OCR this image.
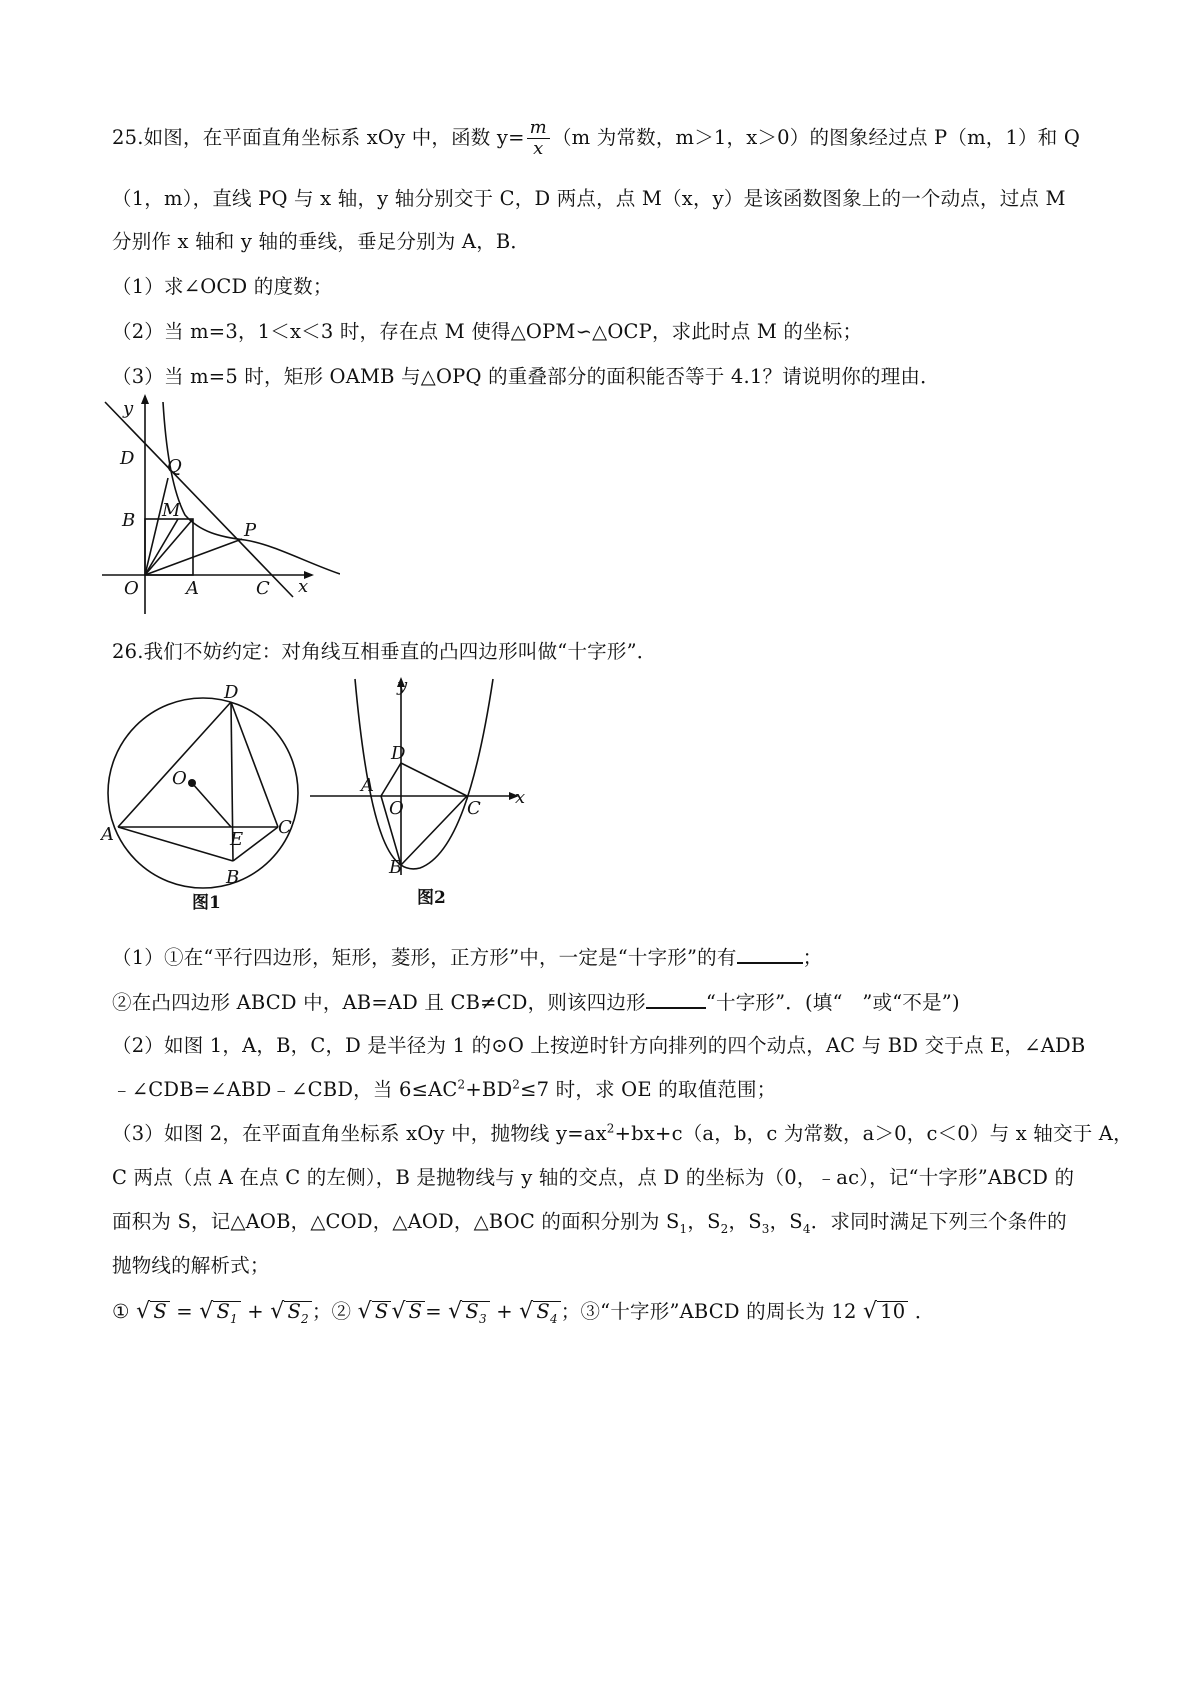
25.如图，在平面直角坐标系 xOy 中，函数 $y= \frac{m}{x} (m$ 为常数，m＞1，x＞0）的图象经过点 P（m，1）和 Q
（1，m），直线 PQ 与 x 轴，y 轴分别交于 C，D 两点，点 M（x，y）是该函数图象上的一个动点，过点 M
分别作 x 轴和 y 轴的垂线，垂足分别为 A，B．
（1）求∠OCD 的度数；
（2）当 m=3，1＜x＜3 时，存在点 M 使得△OPM∽△OCP，求此时点 M 的坐标；
（3）当 m=5 时，矩形 OAMB 与△OPQ 的重叠部分的面积能否等于 4.1？请说明你的理由．
y
x
D Q
B M
P
O	A	C
26.我们不妨约定：对角线互相垂直的凸四边形叫做“十字形”．
D
O
A	E
C
B
图1
y
x
D
A
O	C
B
图2
（1）①在“平行四边形，矩形，菱形，正方形”中，一定是“十字形”的有	；
②在凸四边形 ABCD 中，AB=AD 且 CB≠CD，则该四边形	“十字形”．(填“　”或“不是”)
（2）如图 1，A，B，C，D 是半径为 1 的⊙O 上按逆时针方向排列的四个动点，AC 与 BD 交于点 E，∠ADB
﹣∠CDB=∠ABD﹣∠CBD，当 $6\le AC^2+BD^2\le 7$ 时，求 OE 的取值范围；
（3）如图 2，在平面直角坐标系 xOy 中，抛物线 $y=ax^2+bx+c(a$，b，c 为常数，a＞0，c＜0）与 x 轴交于 A，
C 两点（点 A 在点 C 的左侧），B 是抛物线与 y 轴的交点，点 D 的坐标为（0，﹣ac），记“十字形”ABCD 的
面积为 S，记△AOB，△COD，△AOD，△BOC 的面积分别为 $S_1$，$S_2$，$S_3$，$S_4$．求同时满足下列三个条件的
抛物线的解析式；
① √ S = √ $S_1$ + √ $S_2$ ；② √ S √ S = √ $S_3$ + √ $S_4$ ；③“十字形”ABCD 的周长为 12 √ 10 ．
